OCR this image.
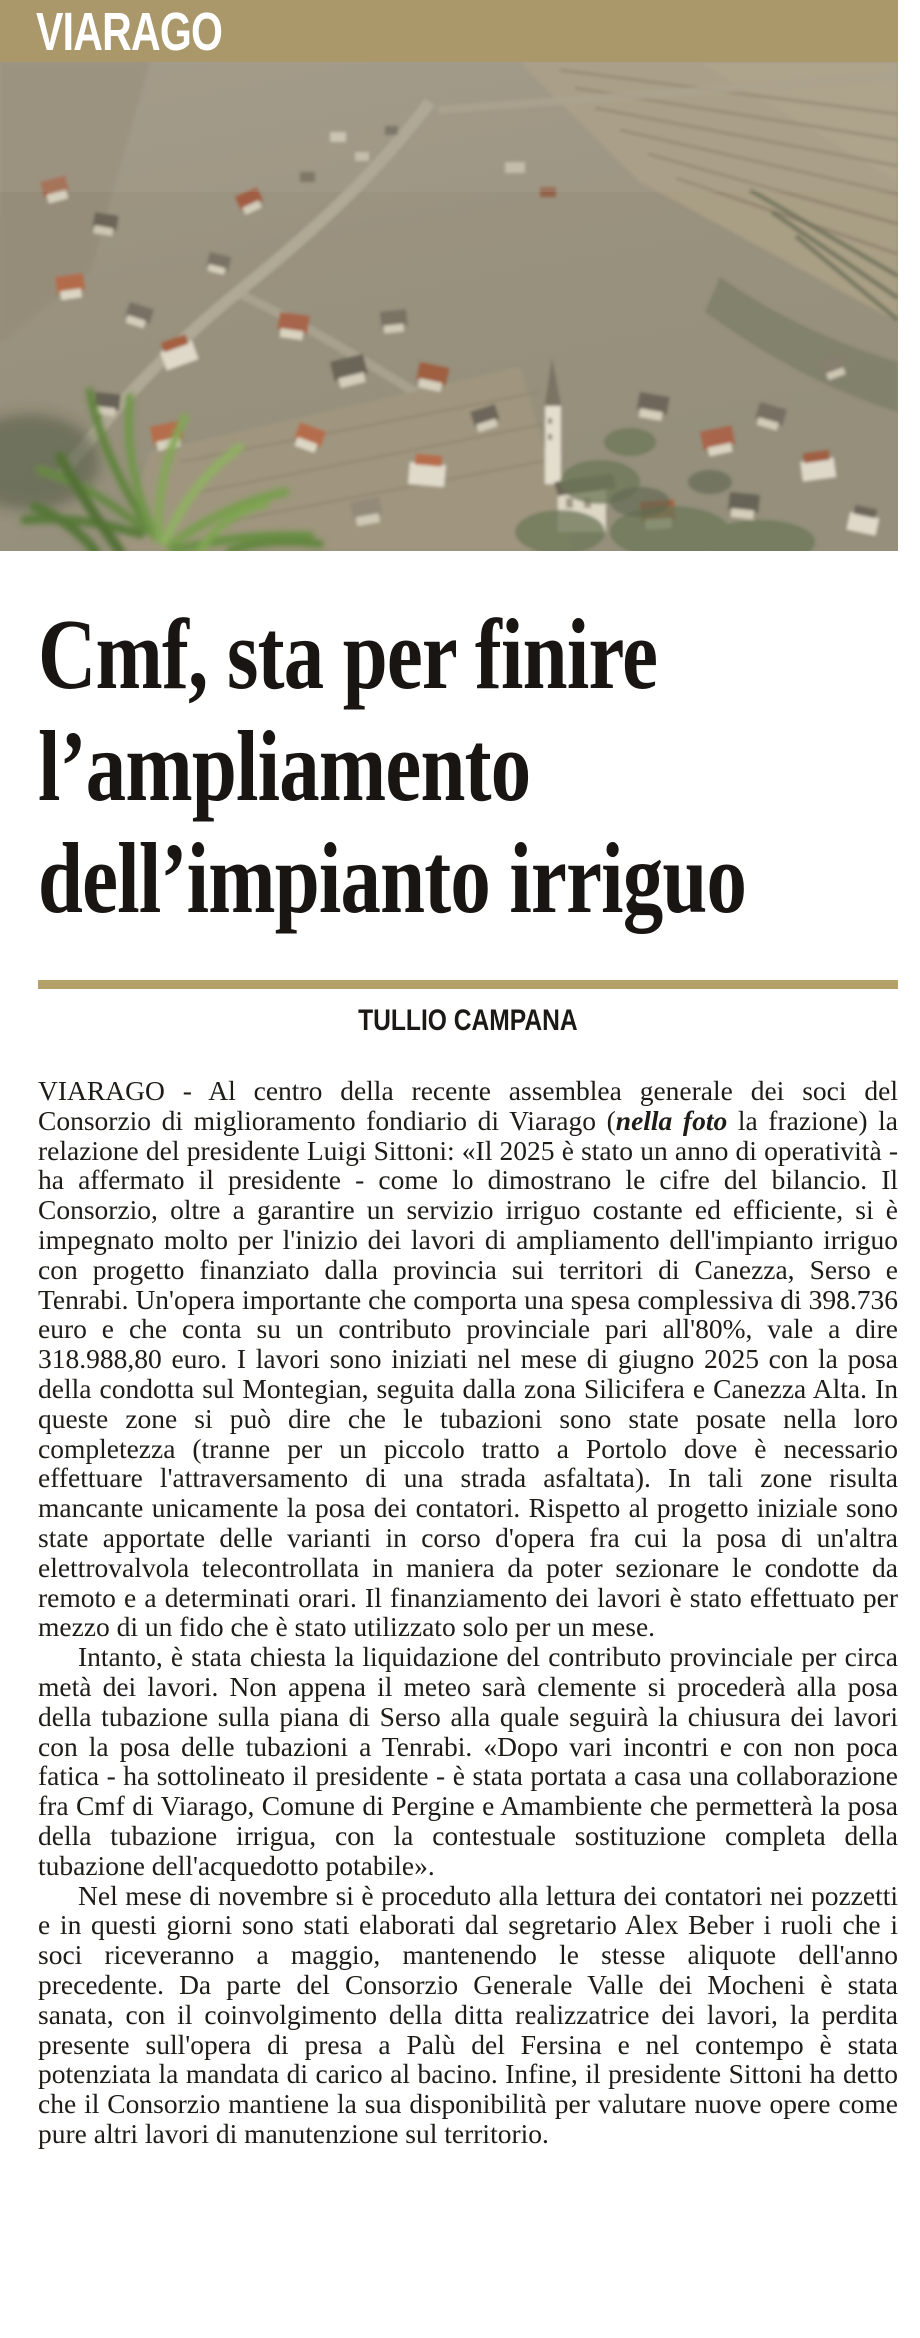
VIARAGO
Cmf, sta per finire
l’ampliamento
dell’impianto irriguo
TULLIO CAMPANA

VIARAGO - Al centro della recente assemblea generale dei soci del Consorzio di miglioramento fondiario di Viarago (nella foto la frazione) la relazione del presidente Luigi Sittoni: «Il 2025 è stato un anno di operatività - ha affermato il presidente - come lo dimostrano le cifre del bilancio. Il Consorzio, oltre a garantire un servizio irriguo costante ed efficiente, si è impegnato molto per l'inizio dei lavori di ampliamento dell'impianto irriguo con progetto finanziato dalla provincia sui territori di Canezza, Serso e Tenrabi. Un'opera importante che comporta una spesa complessiva di 398.736 euro e che conta su un contributo provinciale pari all'80%, vale a dire 318.988,80 euro. I lavori sono iniziati nel mese di giugno 2025 con la posa della condotta sul Montegian, seguita dalla zona Silicifera e Canezza Alta. In queste zone si può dire che le tubazioni sono state posate nella loro completezza (tranne per un piccolo tratto a Portolo dove è necessario effettuare l'attraversamento di una strada asfaltata). In tali zone risulta mancante unicamente la posa dei contatori. Rispetto al progetto iniziale sono state apportate delle varianti in corso d'opera fra cui la posa di un'altra elettrovalvola telecontrollata in maniera da poter sezionare le condotte da remoto e a determinati orari. Il finanziamento dei lavori è stato effettuato per mezzo di un fido che è stato utilizzato solo per un mese.

Intanto, è stata chiesta la liquidazione del contributo provinciale per circa metà dei lavori. Non appena il meteo sarà clemente si procederà alla posa della tubazione sulla piana di Serso alla quale seguirà la chiusura dei lavori con la posa delle tubazioni a Tenrabi. «Dopo vari incontri e con non poca fatica - ha sottolineato il presidente - è stata portata a casa una collaborazione fra Cmf di Viarago, Comune di Pergine e Amambiente che permetterà la posa della tubazione irrigua, con la contestuale sostituzione completa della tubazione dell'acquedotto potabile».

Nel mese di novembre si è proceduto alla lettura dei contatori nei pozzetti e in questi giorni sono stati elaborati dal segretario Alex Beber i ruoli che i soci riceveranno a maggio, mantenendo le stesse aliquote dell'anno precedente. Da parte del Consorzio Generale Valle dei Mocheni è stata sanata, con il coinvolgimento della ditta realizzatrice dei lavori, la perdita presente sull'opera di presa a Palù del Fersina e nel contempo è stata potenziata la mandata di carico al bacino. Infine, il presidente Sittoni ha detto che il Consorzio mantiene la sua disponibilità per valutare nuove opere come pure altri lavori di manutenzione sul territorio.
